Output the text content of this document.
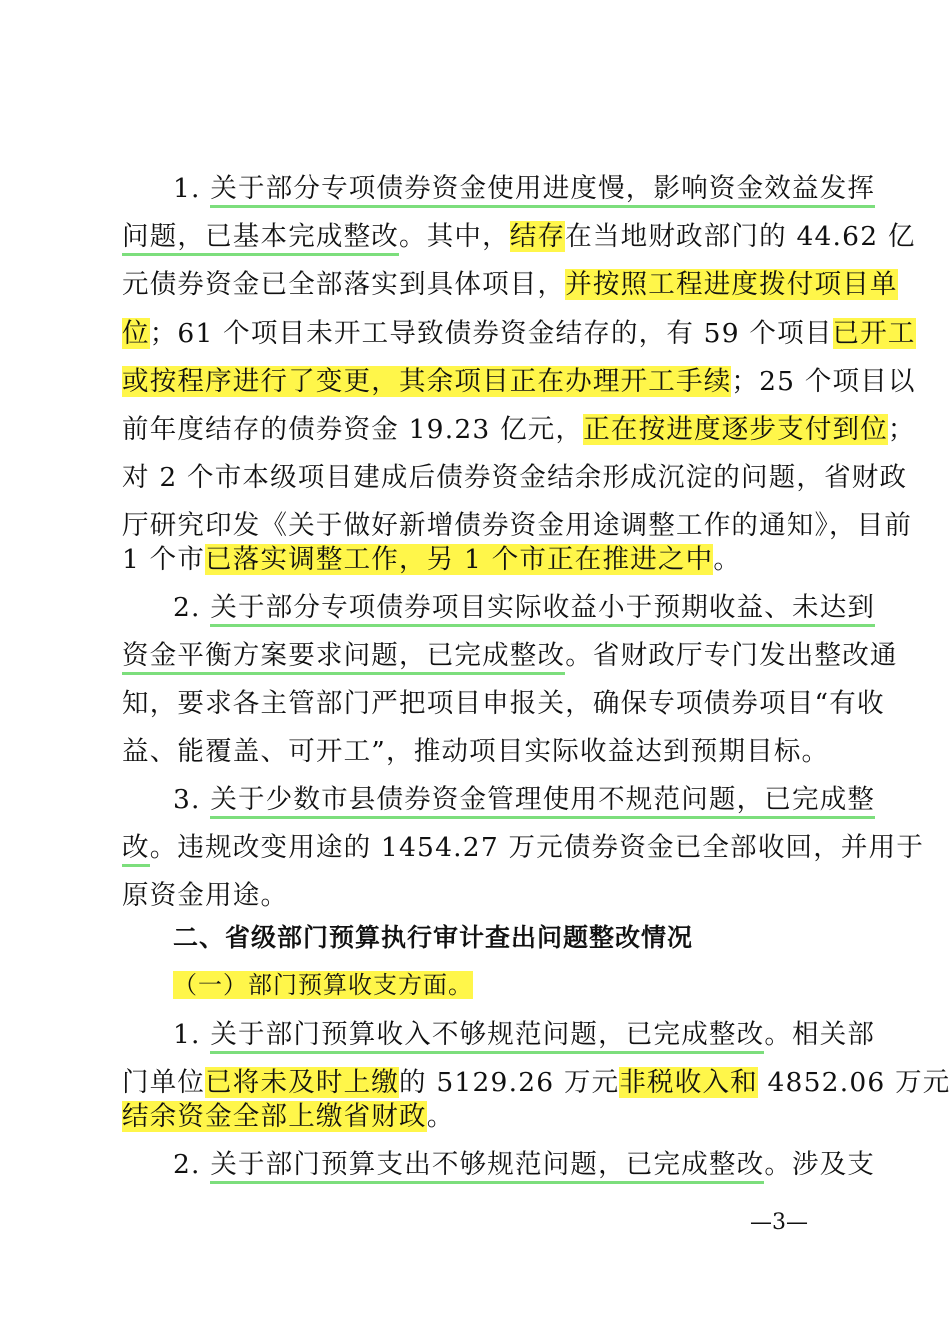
1. 关于部分专项债券资金使用进度慢，影响资金效益发挥
问题，已基本完成整改。其中，结存在当地财政部门的 44.62 亿
元债券资金已全部落实到具体项目，并按照工程进度拨付项目单
位；61 个项目未开工导致债券资金结存的，有 59 个项目已开工
或按程序进行了变更，其余项目正在办理开工手续；25 个项目以
前年度结存的债券资金 19.23 亿元，正在按进度逐步支付到位；
对 2 个市本级项目建成后债券资金结余形成沉淀的问题，省财政
厅研究印发《关于做好新增债券资金用途调整工作的通知》，目前
1 个市已落实调整工作，另 1 个市正在推进之中。
2. 关于部分专项债券项目实际收益小于预期收益、未达到
资金平衡方案要求问题，已完成整改。省财政厅专门发出整改通
知，要求各主管部门严把项目申报关，确保专项债券项目“有收
益、能覆盖、可开工”，推动项目实际收益达到预期目标。
3. 关于少数市县债券资金管理使用不规范问题，已完成整
改。违规改变用途的 1454.27 万元债券资金已全部收回，并用于
原资金用途。
二、省级部门预算执行审计查出问题整改情况
（一）部门预算收支方面。
1. 关于部门预算收入不够规范问题，已完成整改。相关部
门单位已将未及时上缴的 5129.26 万元非税收入和 4852.06 万元
结余资金全部上缴省财政。
2. 关于部门预算支出不够规范问题，已完成整改。涉及支
—3—
